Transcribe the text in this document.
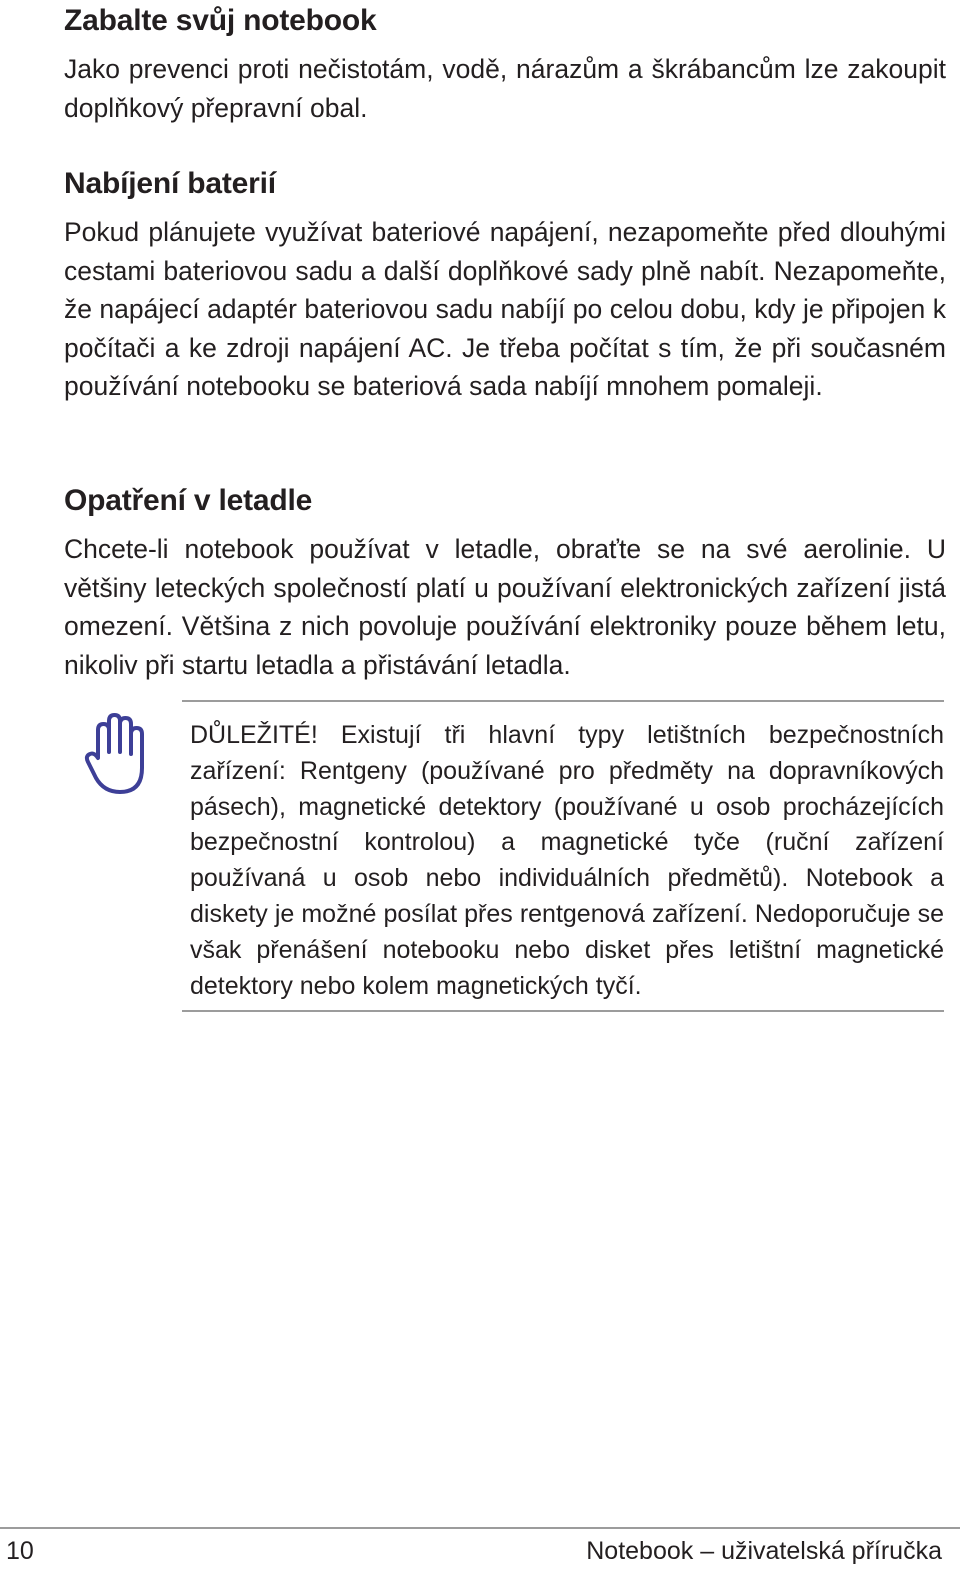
Zabalte svůj notebook

Jako prevenci proti nečistotám, vodě, nárazům a škrábancům lze zakoupit doplňkový přepravní obal.

Nabíjení baterií

Pokud plánujete využívat bateriové napájení, nezapomeňte před dlouhými cestami bateriovou sadu a další doplňkové sady plně nabít. Nezapomeňte, že napájecí adaptér bateriovou sadu nabíjí po celou dobu, kdy je připojen k počítači a ke zdroji napájení AC. Je třeba počítat s tím, že při současném používání notebooku se bateriová sada nabíjí mnohem pomaleji.

Opatření v letadle

Chcete-li notebook používat v letadle, obraťte se na své aerolinie. U většiny leteckých společností platí u používaní elektronických zařízení jistá omezení. Většina z nich povoluje používání elektroniky pouze během letu, nikoliv při startu letadla a přistávání letadla.

DŮLEŽITÉ! Existují tři hlavní typy letištních bezpečnostních zařízení: Rentgeny (používané pro předměty na dopravníkových pásech), magnetické detektory (používané u osob procházejících bezpečnostní kontrolou) a magnetické tyče (ruční zařízení používaná u osob nebo individuálních předmětů). Notebook a diskety je možné posílat přes rentgenová zařízení. Nedoporučuje se však přenášení notebooku nebo disket přes letištní magnetické detektory nebo kolem magnetických tyčí.

10	Notebook – uživatelská příručka
